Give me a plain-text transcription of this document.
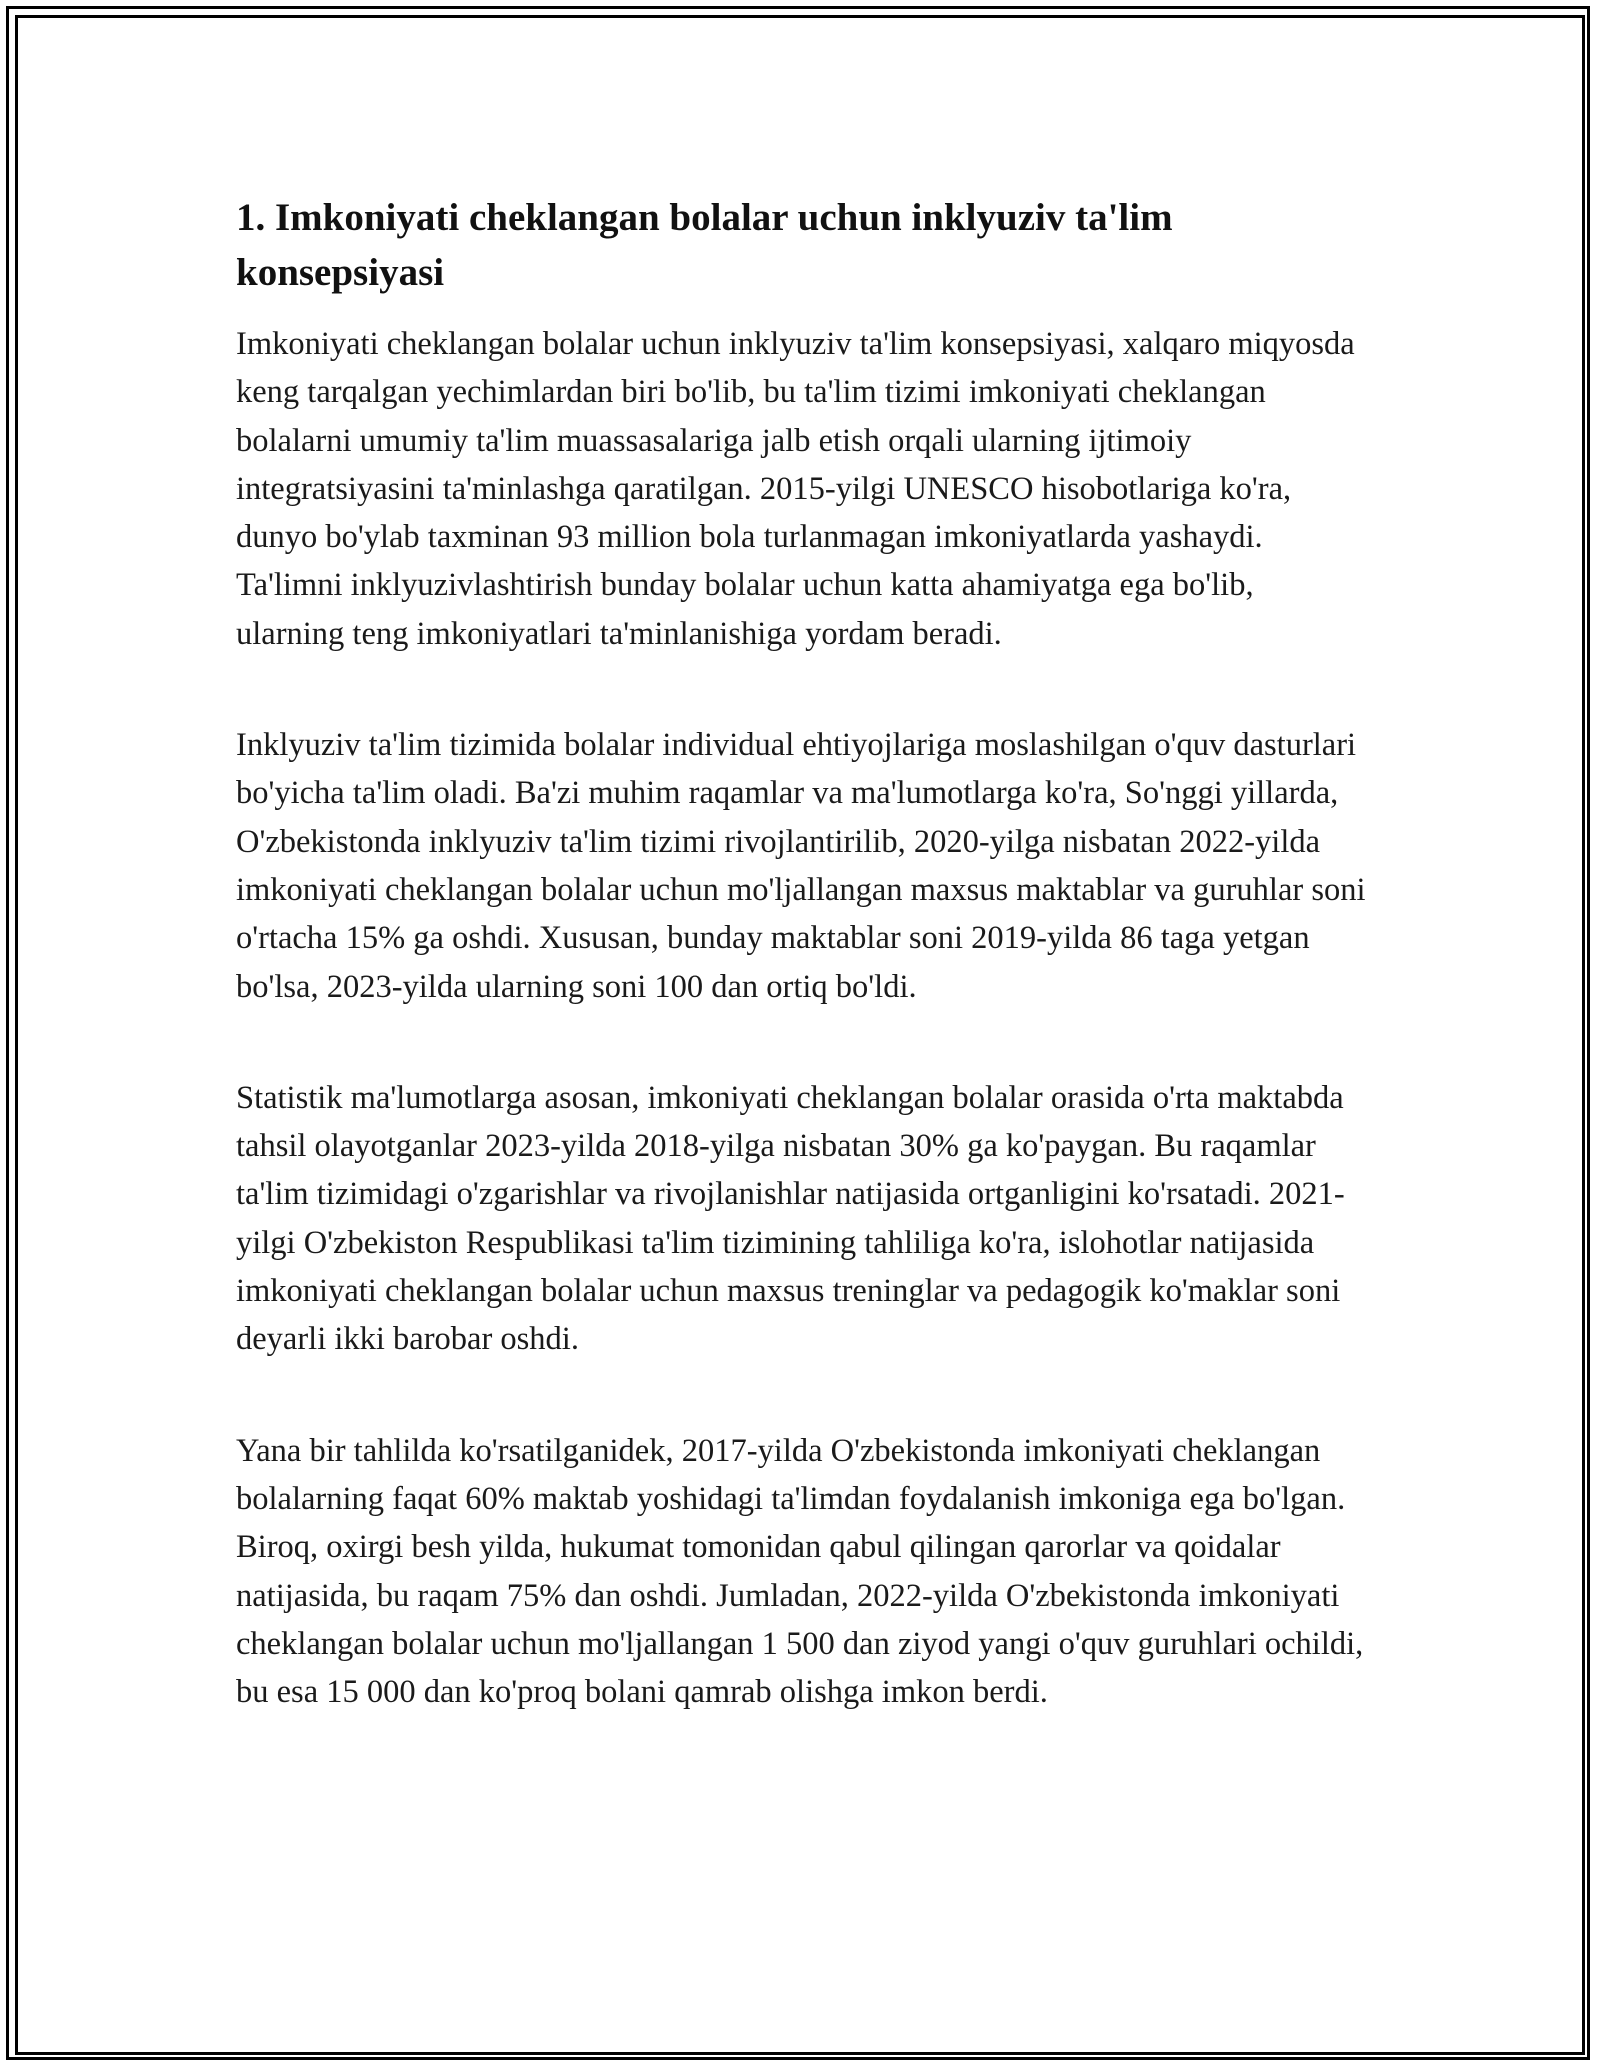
1. Imkoniyati cheklangan bolalar uchun inklyuziv ta'lim konsepsiyasi

Imkoniyati cheklangan bolalar uchun inklyuziv ta'lim konsepsiyasi, xalqaro miqyosda keng tarqalgan yechimlardan biri bo'lib, bu ta'lim tizimi imkoniyati cheklangan bolalarni umumiy ta'lim muassasalariga jalb etish orqali ularning ijtimoiy integratsiyasini ta'minlashga qaratilgan. 2015-yilgi UNESCO hisobotlariga ko'ra, dunyo bo'ylab taxminan 93 million bola turlanmagan imkoniyatlarda yashaydi. Ta'limni inklyuzivlashtirish bunday bolalar uchun katta ahamiyatga ega bo'lib, ularning teng imkoniyatlari ta'minlanishiga yordam beradi.

Inklyuziv ta'lim tizimida bolalar individual ehtiyojlariga moslashilgan o'quv dasturlari bo'yicha ta'lim oladi. Ba'zi muhim raqamlar va ma'lumotlarga ko'ra, So'nggi yillarda, O'zbekistonda inklyuziv ta'lim tizimi rivojlantirilib, 2020-yilga nisbatan 2022-yilda imkoniyati cheklangan bolalar uchun mo'ljallangan maxsus maktablar va guruhlar soni o'rtacha 15% ga oshdi. Xususan, bunday maktablar soni 2019-yilda 86 taga yetgan bo'lsa, 2023-yilda ularning soni 100 dan ortiq bo'ldi.

Statistik ma'lumotlarga asosan, imkoniyati cheklangan bolalar orasida o'rta maktabda tahsil olayotganlar 2023-yilda 2018-yilga nisbatan 30% ga ko'paygan. Bu raqamlar ta'lim tizimidagi o'zgarishlar va rivojlanishlar natijasida ortganligini ko'rsatadi. 2021-yilgi O'zbekiston Respublikasi ta'lim tizimining tahliliga ko'ra, islohotlar natijasida imkoniyati cheklangan bolalar uchun maxsus treninglar va pedagogik ko'maklar soni deyarli ikki barobar oshdi.

Yana bir tahlilda ko'rsatilganidek, 2017-yilda O'zbekistonda imkoniyati cheklangan bolalarning faqat 60% maktab yoshidagi ta'limdan foydalanish imkoniga ega bo'lgan. Biroq, oxirgi besh yilda, hukumat tomonidan qabul qilingan qarorlar va qoidalar natijasida, bu raqam 75% dan oshdi. Jumladan, 2022-yilda O'zbekistonda imkoniyati cheklangan bolalar uchun mo'ljallangan 1 500 dan ziyod yangi o'quv guruhlari ochildi, bu esa 15 000 dan ko'proq bolani qamrab olishga imkon berdi.
